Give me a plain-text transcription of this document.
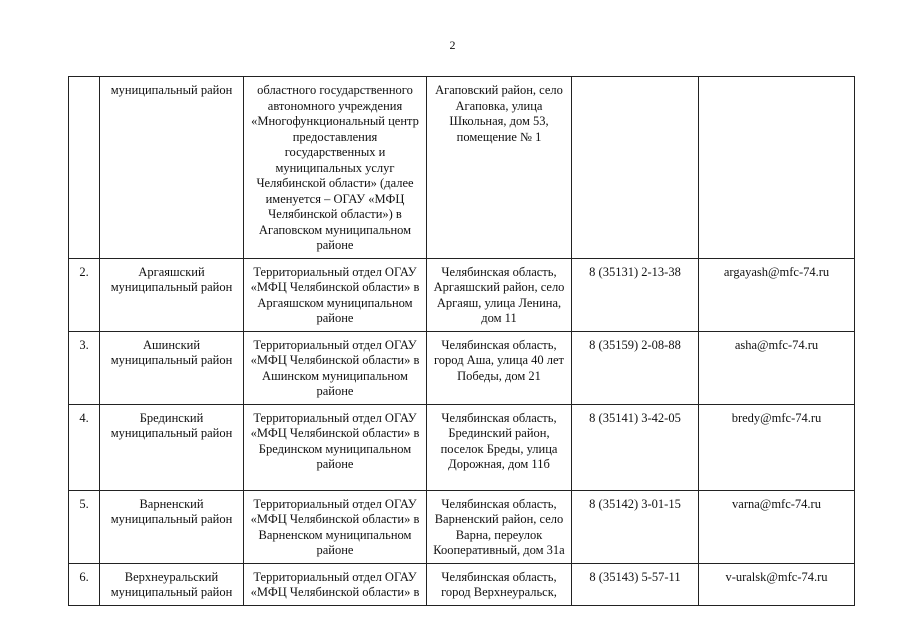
2
	муниципальный район	областного государственного автономного учреждения «Многофункциональный центр предоставления государственных и муниципальных услуг Челябинской области» (далее именуется – ОГАУ «МФЦ Челябинской области») в Агаповском муниципальном районе	Агаповский район, село Агаповка, улица Школьная, дом 53, помещение № 1		
2.	Аргаяшский муниципальный район	Территориальный отдел ОГАУ «МФЦ Челябинской области» в Аргаяшском муниципальном районе	Челябинская область, Аргаяшский район, село Аргаяш, улица Ленина, дом 11	8 (35131) 2-13-38	argayash@mfc-74.ru
3.	Ашинский муниципальный район	Территориальный отдел ОГАУ «МФЦ Челябинской области» в Ашинском муниципальном районе	Челябинская область, город Аша, улица 40 лет Победы, дом 21	8 (35159) 2-08-88	asha@mfc-74.ru
4.	Брединский муниципальный район	Территориальный отдел ОГАУ «МФЦ Челябинской области» в Брединском муниципальном районе	Челябинская область, Брединский район, поселок Бреды, улица Дорожная, дом 11б	8 (35141) 3-42-05	bredy@mfc-74.ru
5.	Варненский муниципальный район	Территориальный отдел ОГАУ «МФЦ Челябинской области» в Варненском муниципальном районе	Челябинская область, Варненский район, село Варна, переулок Кооперативный, дом 31а	8 (35142) 3-01-15	varna@mfc-74.ru
6.	Верхнеуральский муниципальный район	Территориальный отдел ОГАУ «МФЦ Челябинской области» в	Челябинская область, город Верхнеуральск,	8 (35143) 5-57-11	v-uralsk@mfc-74.ru
